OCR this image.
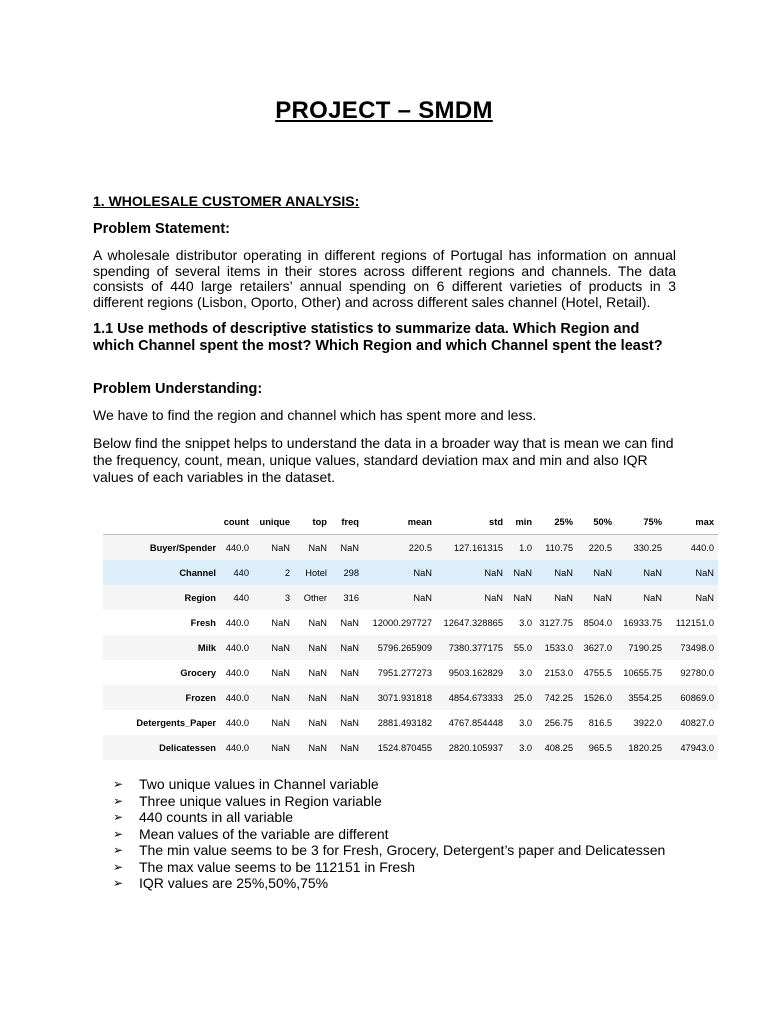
PROJECT – SMDM
1. WHOLESALE CUSTOMER ANALYSIS:
Problem Statement:
A wholesale distributor operating in different regions of Portugal has information on annual spending of several items in their stores across different regions and channels. The data consists of 440 large retailers’ annual spending on 6 different varieties of products in 3 different regions (Lisbon, Oporto, Other) and across different sales channel (Hotel, Retail).
1.1 Use methods of descriptive statistics to summarize data. Which Region and which Channel spent the most? Which Region and which Channel spent the least?
Problem Understanding:
We have to find the region and channel which has spent more and less.
Below find the snippet helps to understand the data in a broader way that is mean we can find the frequency, count, mean, unique values, standard deviation max and min and also IQR values of each variables in the dataset.
	count	unique	top	freq	mean	std	min	25%	50%	75%	max
Buyer/Spender	440.0	NaN	NaN	NaN	220.5	127.161315	1.0	110.75	220.5	330.25	440.0
Channel	440	2	Hotel	298	NaN	NaN	NaN	NaN	NaN	NaN	NaN
Region	440	3	Other	316	NaN	NaN	NaN	NaN	NaN	NaN	NaN
Fresh	440.0	NaN	NaN	NaN	12000.297727	12647.328865	3.0	3127.75	8504.0	16933.75	112151.0
Milk	440.0	NaN	NaN	NaN	5796.265909	7380.377175	55.0	1533.0	3627.0	7190.25	73498.0
Grocery	440.0	NaN	NaN	NaN	7951.277273	9503.162829	3.0	2153.0	4755.5	10655.75	92780.0
Frozen	440.0	NaN	NaN	NaN	3071.931818	4854.673333	25.0	742.25	1526.0	3554.25	60869.0
Detergents_Paper	440.0	NaN	NaN	NaN	2881.493182	4767.854448	3.0	256.75	816.5	3922.0	40827.0
Delicatessen	440.0	NaN	NaN	NaN	1524.870455	2820.105937	3.0	408.25	965.5	1820.25	47943.0
➢ Two unique values in Channel variable
➢ Three unique values in Region variable
➢ 440 counts in all variable
➢ Mean values of the variable are different
➢ The min value seems to be 3 for Fresh, Grocery, Detergent’s paper and Delicatessen
➢ The max value seems to be 112151 in Fresh
➢ IQR values are 25%,50%,75%
